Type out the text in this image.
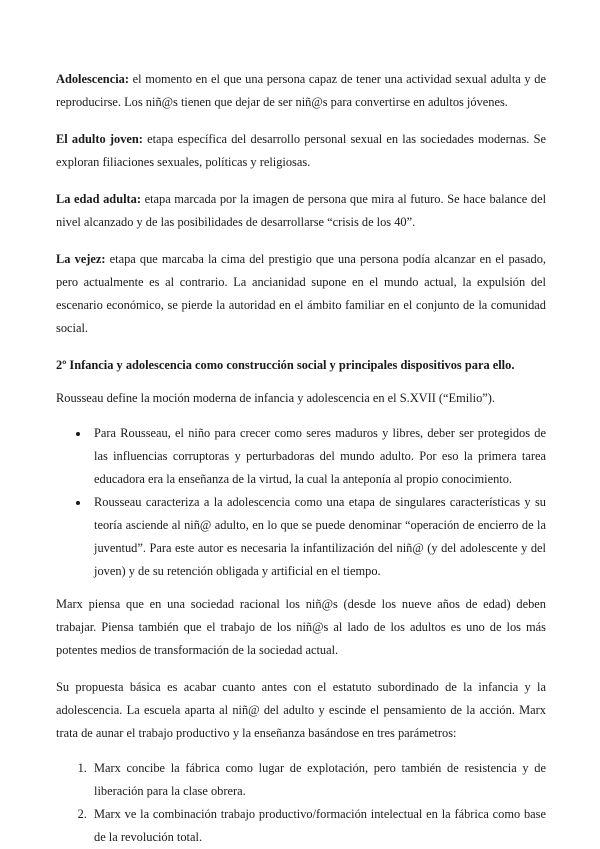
Adolescencia: el momento en el que una persona capaz de tener una actividad sexual adulta y de reproducirse. Los niñ@s tienen que dejar de ser niñ@s para convertirse en adultos jóvenes.

El adulto joven: etapa específica del desarrollo personal sexual en las sociedades modernas. Se exploran filiaciones sexuales, políticas y religiosas.

La edad adulta: etapa marcada por la imagen de persona que mira al futuro. Se hace balance del nivel alcanzado y de las posibilidades de desarrollarse “crisis de los 40”.

La vejez: etapa que marcaba la cima del prestigio que una persona podía alcanzar en el pasado, pero actualmente es al contrario. La ancianidad supone en el mundo actual, la expulsión del escenario económico, se pierde la autoridad en el ámbito familiar en el conjunto de la comunidad social.

2º Infancia y adolescencia como construcción social y principales dispositivos para ello.

Rousseau define la moción moderna de infancia y adolescencia en el S.XVII (“Emilio”).

• Para Rousseau, el niño para crecer como seres maduros y libres, deber ser protegidos de las influencias corruptoras y perturbadoras del mundo adulto. Por eso la primera tarea educadora era la enseñanza de la virtud, la cual la anteponía al propio conocimiento.
• Rousseau caracteriza a la adolescencia como una etapa de singulares características y su teoría asciende al niñ@ adulto, en lo que se puede denominar “operación de encierro de la juventud”. Para este autor es necesaria la infantilización del niñ@ (y del adolescente y del joven) y de su retención obligada y artificial en el tiempo.

Marx piensa que en una sociedad racional los niñ@s (desde los nueve años de edad) deben trabajar. Piensa también que el trabajo de los niñ@s al lado de los adultos es uno de los más potentes medios de transformación de la sociedad actual.

Su propuesta básica es acabar cuanto antes con el estatuto subordinado de la infancia y la adolescencia. La escuela aparta al niñ@ del adulto y escinde el pensamiento de la acción. Marx trata de aunar el trabajo productivo y la enseñanza basándose en tres parámetros:

1. Marx concibe la fábrica como lugar de explotación, pero también de resistencia y de liberación para la clase obrera.
2. Marx ve la combinación trabajo productivo/formación intelectual en la fábrica como base de la revolución total.
